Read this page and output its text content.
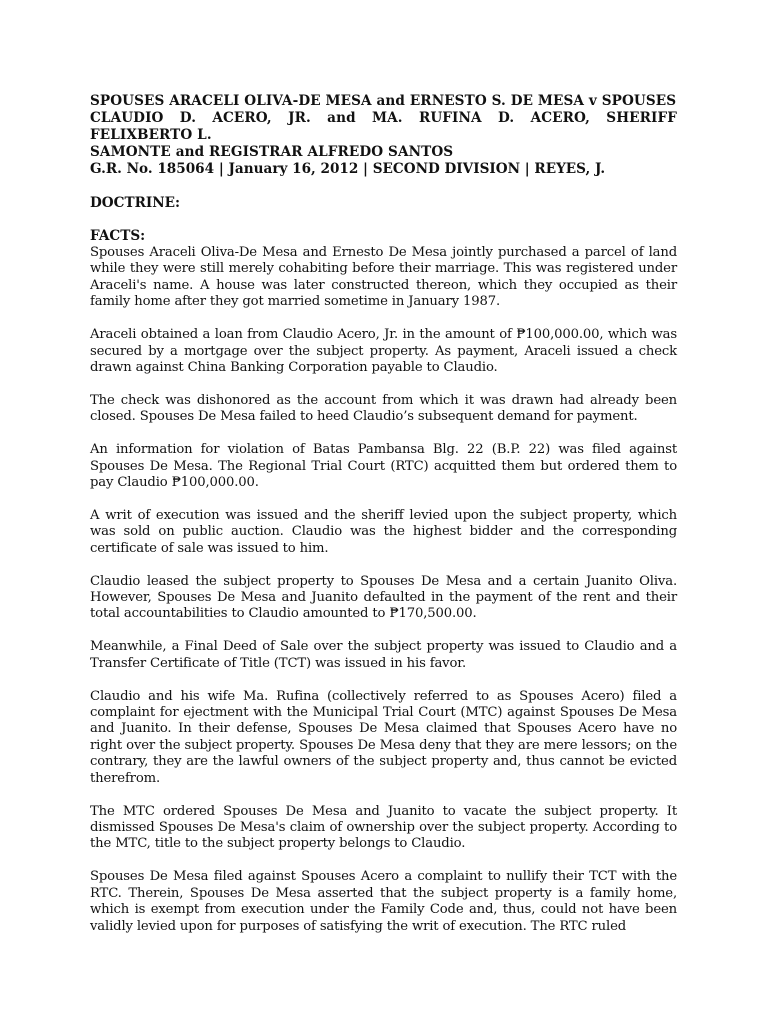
SPOUSES ARACELI OLIVA-DE MESA and ERNESTO S. DE MESA v SPOUSES
CLAUDIO D. ACERO, JR. and MA. RUFINA D. ACERO, SHERIFF FELIXBERTO L.
SAMONTE and REGISTRAR ALFREDO SANTOS
G.R. No. 185064 | January 16, 2012 | SECOND DIVISION | REYES, J.
DOCTRINE:
FACTS:

Spouses Araceli Oliva-De Mesa and Ernesto De Mesa jointly purchased a parcel of land while they were still merely cohabiting before their marriage. This was registered under Araceli's name. A house was later constructed thereon, which they occupied as their family home after they got married sometime in January 1987.

Araceli obtained a loan from Claudio Acero, Jr. in the amount of ₱100,000.00, which was secured by a mortgage over the subject property. As payment, Araceli issued a check drawn against China Banking Corporation payable to Claudio.

The check was dishonored as the account from which it was drawn had already been closed. Spouses De Mesa failed to heed Claudio’s subsequent demand for payment.

An information for violation of Batas Pambansa Blg. 22 (B.P. 22) was filed against Spouses De Mesa. The Regional Trial Court (RTC) acquitted them but ordered them to pay Claudio ₱100,000.00.

A writ of execution was issued and the sheriff levied upon the subject property, which was sold on public auction. Claudio was the highest bidder and the corresponding certificate of sale was issued to him.

Claudio leased the subject property to Spouses De Mesa and a certain Juanito Oliva. However, Spouses De Mesa and Juanito defaulted in the payment of the rent and their total accountabilities to Claudio amounted to ₱170,500.00.

Meanwhile, a Final Deed of Sale over the subject property was issued to Claudio and a Transfer Certificate of Title (TCT) was issued in his favor.

Claudio and his wife Ma. Rufina (collectively referred to as Spouses Acero) filed a complaint for ejectment with the Municipal Trial Court (MTC) against Spouses De Mesa and Juanito. In their defense, Spouses De Mesa claimed that Spouses Acero have no right over the subject property. Spouses De Mesa deny that they are mere lessors; on the contrary, they are the lawful owners of the subject property and, thus cannot be evicted therefrom.

The MTC ordered Spouses De Mesa and Juanito to vacate the subject property. It dismissed Spouses De Mesa's claim of ownership over the subject property. According to the MTC, title to the subject property belongs to Claudio.

Spouses De Mesa filed against Spouses Acero a complaint to nullify their TCT with the RTC. Therein, Spouses De Mesa asserted that the subject property is a family home, which is exempt from execution under the Family Code and, thus, could not have been validly levied upon for purposes of satisfying the writ of execution. The RTC ruled
